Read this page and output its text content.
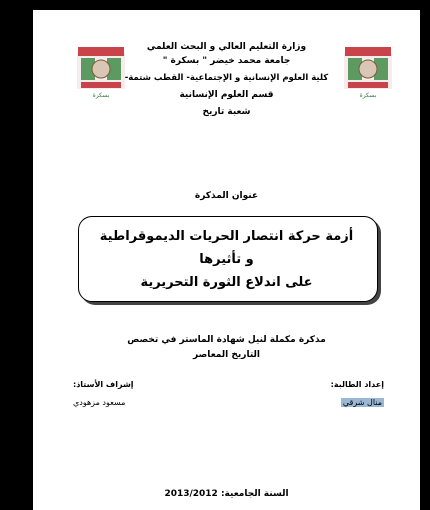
بسكرة	بسكرة
وزارة التعليم العالي و البحث العلمي
جامعة محمد خيضر " بسكرة "
كلية العلوم الإنسانية و الإجتماعية- القطب شتمة-
قسم العلوم الإنسانية
شعبة تاريخ
عنوان المذكرة
أزمة حركة انتصار الحريات الديموقراطية
و تأثيرها
على اندلاع الثورة التحريرية
مذكرة مكملة لنيل شهادة الماستر في تخصص
التاريخ المعاصر
إعداد الطالبة:
منال شرقي
إشراف الأستاذ:
مسعود مزهودي
السنة الجامعية: 2013/2012
